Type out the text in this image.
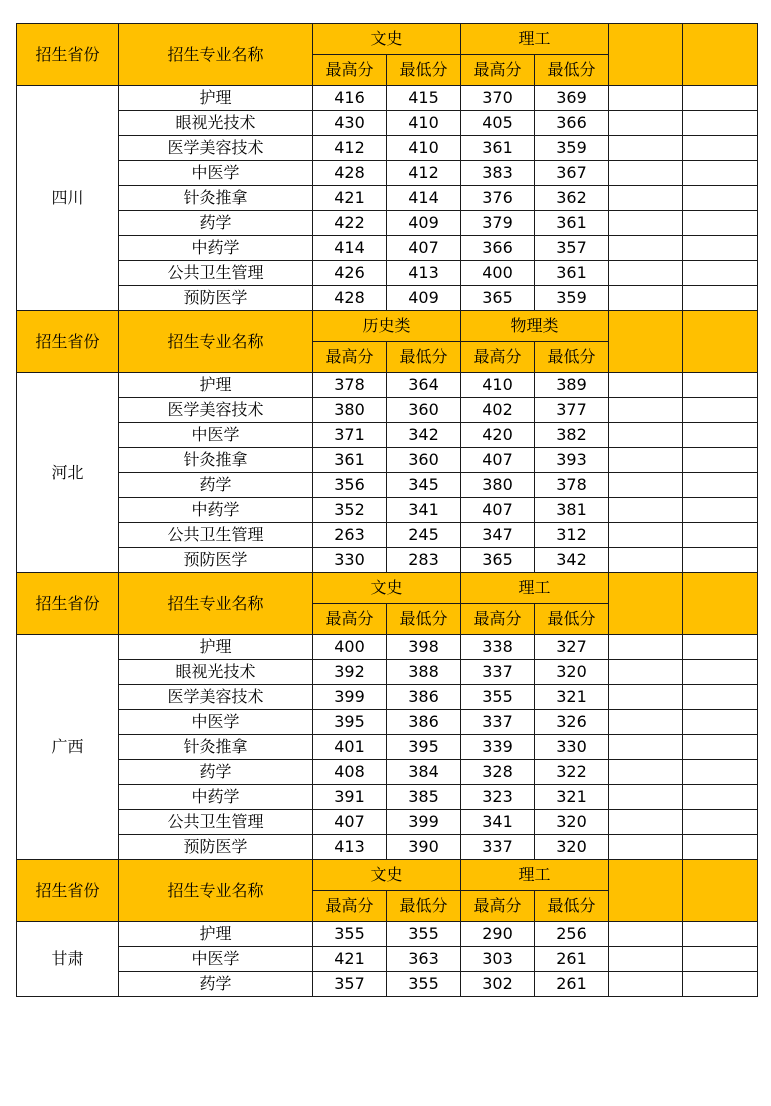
招生省份	招生专业名称	文史		理工			
		最高分	最低分	最高分	最低分		
四川	护理	416	415	370	369		
	眼视光技术	430	410	405	366		
	医学美容技术	412	410	361	359		
	中医学	428	412	383	367		
	针灸推拿	421	414	376	362		
	药学	422	409	379	361		
	中药学	414	407	366	357		
	公共卫生管理	426	413	400	361		
	预防医学	428	409	365	359		
招生省份	招生专业名称	历史类		物理类			
		最高分	最低分	最高分	最低分		
河北	护理	378	364	410	389		
	医学美容技术	380	360	402	377		
	中医学	371	342	420	382		
	针灸推拿	361	360	407	393		
	药学	356	345	380	378		
	中药学	352	341	407	381		
	公共卫生管理	263	245	347	312		
	预防医学	330	283	365	342		
招生省份	招生专业名称	文史		理工			
		最高分	最低分	最高分	最低分		
广西	护理	400	398	338	327		
	眼视光技术	392	388	337	320		
	医学美容技术	399	386	355	321		
	中医学	395	386	337	326		
	针灸推拿	401	395	339	330		
	药学	408	384	328	322		
	中药学	391	385	323	321		
	公共卫生管理	407	399	341	320		
	预防医学	413	390	337	320		
招生省份	招生专业名称	文史		理工			
		最高分	最低分	最高分	最低分		
甘肃	护理	355	355	290	256		
	中医学	421	363	303	261		
	药学	357	355	302	261		
